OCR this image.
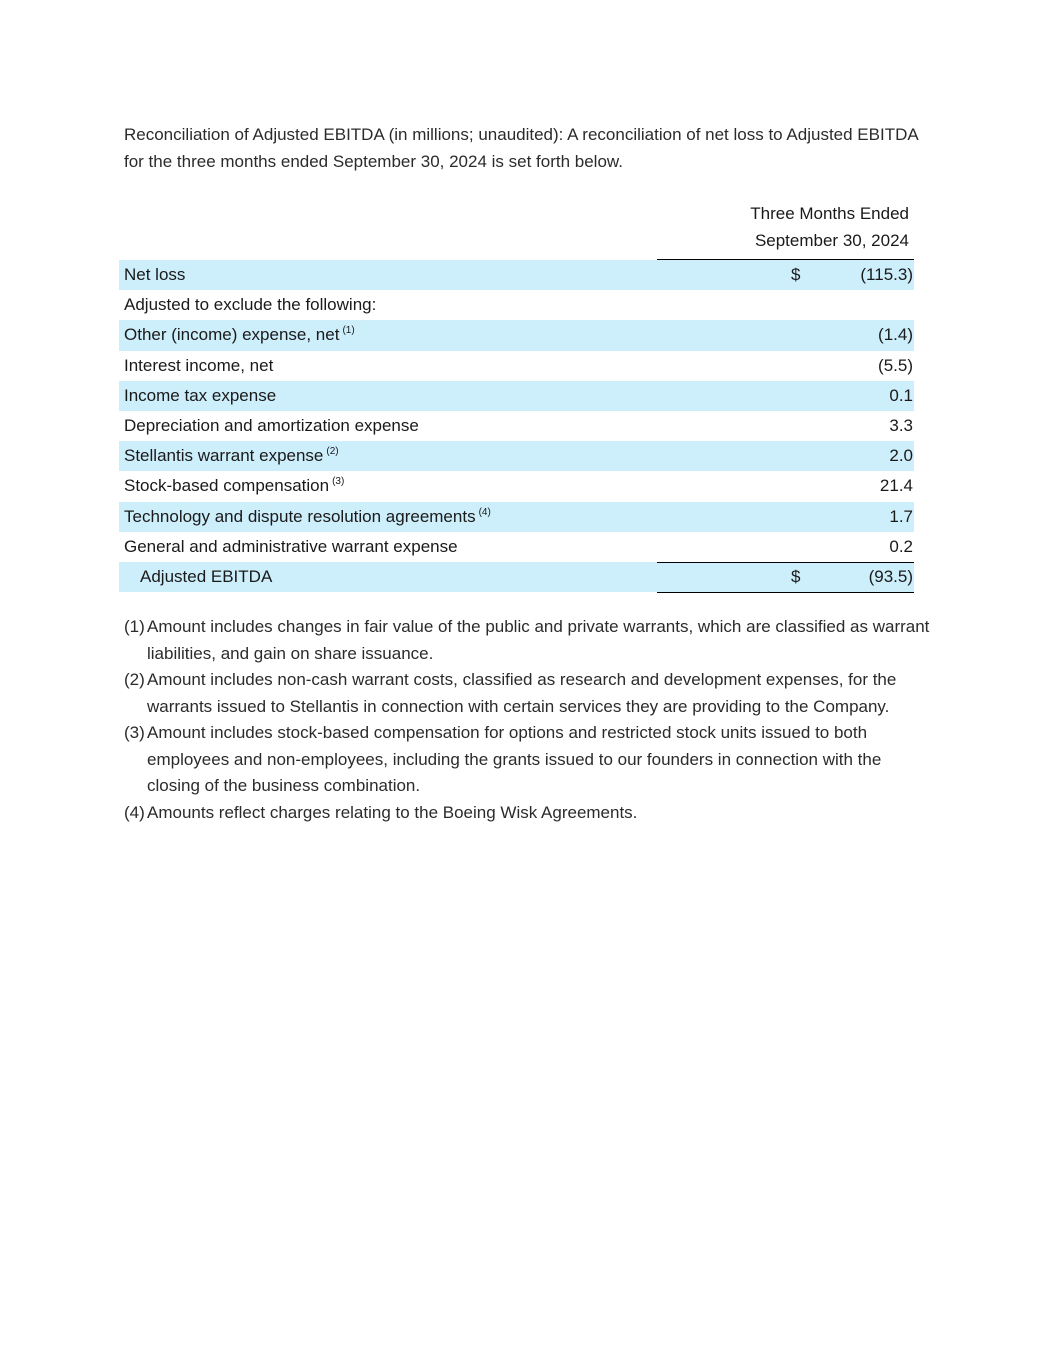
Reconciliation of Adjusted EBITDA (in millions; unaudited): A reconciliation of net loss to Adjusted EBITDA for the three months ended September 30, 2024 is set forth below.

Three Months Ended
September 30, 2024
Net loss	$	(115.3)
Adjusted to exclude the following:
Other (income) expense, net $^{(1)}$	(1.4)
Interest income, net	(5.5)
Income tax expense	0.1
Depreciation and amortization expense	3.3
Stellantis warrant expense $^{(2)}$	2.0
Stock-based compensation $^{(3)}$	21.4
Technology and dispute resolution agreements $^{(4)}$	1.7
General and administrative warrant expense	0.2
Adjusted EBITDA	$	(93.5)
(1) Amount includes changes in fair value of the public and private warrants, which are classified as warrant liabilities, and gain on share issuance.
(2) Amount includes non-cash warrant costs, classified as research and development expenses, for the warrants issued to Stellantis in connection with certain services they are providing to the Company.
(3) Amount includes stock-based compensation for options and restricted stock units issued to both employees and non-employees, including the grants issued to our founders in connection with the closing of the business combination.
(4) Amounts reflect charges relating to the Boeing Wisk Agreements.
